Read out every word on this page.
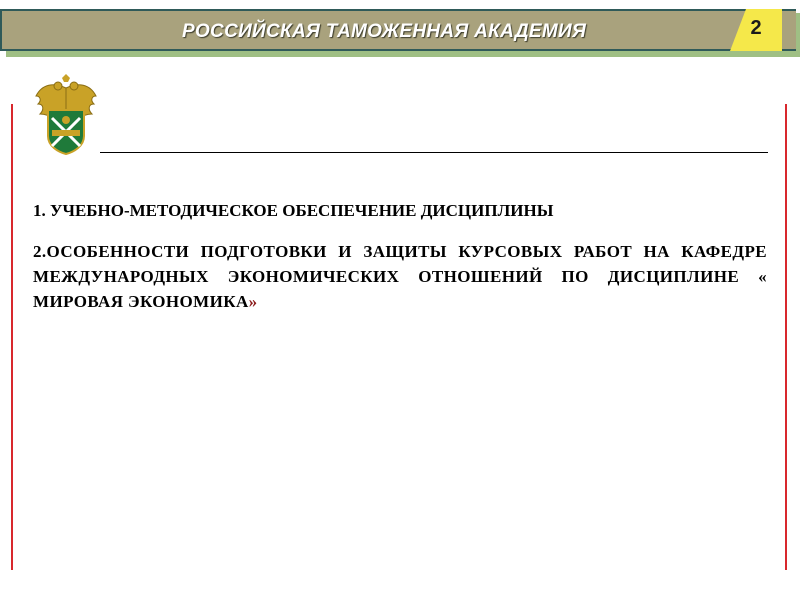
РОССИЙСКАЯ ТАМОЖЕННАЯ АКАДЕМИЯ	2

1. УЧЕБНО-МЕТОДИЧЕСКОЕ ОБЕСПЕЧЕНИЕ ДИСЦИПЛИНЫ

2.ОСОБЕННОСТИ ПОДГОТОВКИ И ЗАЩИТЫ КУРСОВЫХ РАБОТ НА КАФЕДРЕ МЕЖДУНАРОДНЫХ ЭКОНОМИЧЕСКИХ ОТНОШЕНИЙ ПО ДИСЦИПЛИНЕ « МИРОВАЯ ЭКОНОМИКА»
